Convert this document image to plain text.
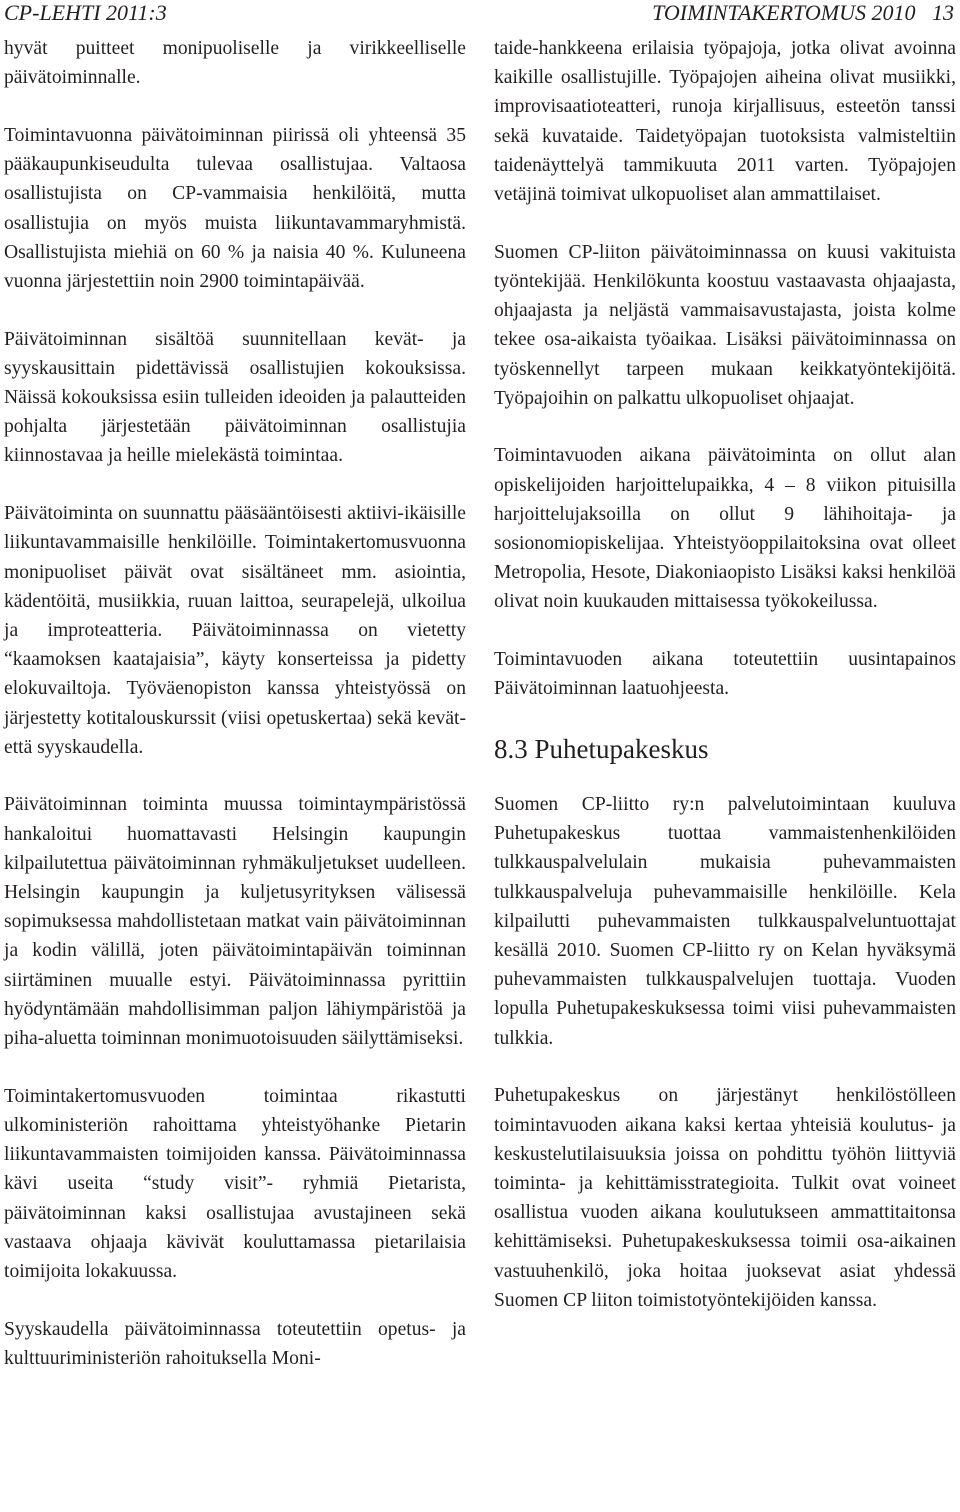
CP-LEHTI 2011:3	TOIMINTAKERTOMUS 2010 13

hyvät puitteet monipuoliselle ja virikkeelliselle päivätoiminnalle.

Toimintavuonna päivätoiminnan piirissä oli yhteensä 35 pääkaupunkiseudulta tulevaa osallistujaa. Valtaosa osallistujista on CP-vammaisia henkilöitä, mutta osallistujia on myös muista liikuntavammaryhmistä. Osallistujista miehiä on 60 % ja naisia 40 %. Kuluneena vuonna järjestettiin noin 2900 toimintapäivää.

Päivätoiminnan sisältöä suunnitellaan kevät- ja syyskausittain pidettävissä osallistujien kokouksissa. Näissä kokouksissa esiin tulleiden ideoiden ja palautteiden pohjalta järjestetään päivätoiminnan osallistujia kiinnostavaa ja heille mielekästä toimintaa.

Päivätoiminta on suunnattu pääsääntöisesti aktiivi-ikäisille liikuntavammaisille henkilöille. Toimintakertomusvuonna monipuoliset päivät ovat sisältäneet mm. asiointia, kädentöitä, musiikkia, ruuan laittoa, seurapelejä, ulkoilua ja improteatteria. Päivätoiminnassa on vietetty “kaamoksen kaatajaisia”, käyty konserteissa ja pidetty elokuvailtoja. Työväenopiston kanssa yhteistyössä on järjestetty kotitalouskurssit (viisi opetuskertaa) sekä kevät- että syyskaudella.

Päivätoiminnan toiminta muussa toimintaympäristössä hankaloitui huomattavasti Helsingin kaupungin kilpailutettua päivätoiminnan ryhmäkuljetukset uudelleen. Helsingin kaupungin ja kuljetusyrityksen välisessä sopimuksessa mahdollistetaan matkat vain päivätoiminnan ja kodin välillä, joten päivätoimintapäivän toiminnan siirtäminen muualle estyi. Päivätoiminnassa pyrittiin hyödyntämään mahdollisimman paljon lähiympäristöä ja piha-aluetta toiminnan monimuotoisuuden säilyttämiseksi.

Toimintakertomusvuoden toimintaa rikastutti ulkoministeriön rahoittama yhteistyöhanke Pietarin liikuntavammaisten toimijoiden kanssa. Päivätoiminnassa kävi useita “study visit”- ryhmiä Pietarista, päivätoiminnan kaksi osallistujaa avustajineen sekä vastaava ohjaaja kävivät kouluttamassa pietarilaisia toimijoita lokakuussa.

Syyskaudella päivätoiminnassa toteutettiin opetus- ja kulttuuriministeriön rahoituksella Moni-

taide-hankkeena erilaisia työpajoja, jotka olivat avoinna kaikille osallistujille. Työpajojen aiheina olivat musiikki, improvisaatioteatteri, runoja kirjallisuus, esteetön tanssi sekä kuvataide. Taidetyöpajan tuotoksista valmisteltiin taidenäyttelyä tammikuuta 2011 varten. Työpajojen vetäjinä toimivat ulkopuoliset alan ammattilaiset.

Suomen CP-liiton päivätoiminnassa on kuusi vakituista työntekijää. Henkilökunta koostuu vastaavasta ohjaajasta, ohjaajasta ja neljästä vammaisavustajasta, joista kolme tekee osa-aikaista työaikaa. Lisäksi päivätoiminnassa on työskennellyt tarpeen mukaan keikkatyöntekijöitä. Työpajoihin on palkattu ulkopuoliset ohjaajat.

Toimintavuoden aikana päivätoiminta on ollut alan opiskelijoiden harjoittelupaikka, 4 – 8 viikon pituisilla harjoittelujaksoilla on ollut 9 lähihoitaja- ja sosionomiopiskelijaa. Yhteistyöoppilaitoksina ovat olleet Metropolia, Hesote, Diakoniaopisto Lisäksi kaksi henkilöä olivat noin kuukauden mittaisessa työkokeilussa.

Toimintavuoden aikana toteutettiin uusintapainos Päivätoiminnan laatuohjeesta.

8.3 Puhetupakeskus

Suomen CP-liitto ry:n palvelutoimintaan kuuluva Puhetupakeskus tuottaa vammaistenhenkilöiden tulkkauspalvelulain mukaisia puhevammaisten tulkkauspalveluja puhevammaisille henkilöille. Kela kilpailutti puhevammaisten tulkkauspalveluntuottajat kesällä 2010. Suomen CP-liitto ry on Kelan hyväksymä puhevammaisten tulkkauspalvelujen tuottaja. Vuoden lopulla Puhetupakeskuksessa toimi viisi puhevammaisten tulkkia.

Puhetupakeskus on järjestänyt henkilöstölleen toimintavuoden aikana kaksi kertaa yhteisiä koulutus- ja keskustelutilaisuuksia joissa on pohdittu työhön liittyviä toiminta- ja kehittämisstrategioita. Tulkit ovat voineet osallistua vuoden aikana koulutukseen ammattitaitonsa kehittämiseksi. Puhetupakeskuksessa toimii osa-aikainen vastuuhenkilö, joka hoitaa juoksevat asiat yhdessä Suomen CP liiton toimistotyöntekijöiden kanssa.
